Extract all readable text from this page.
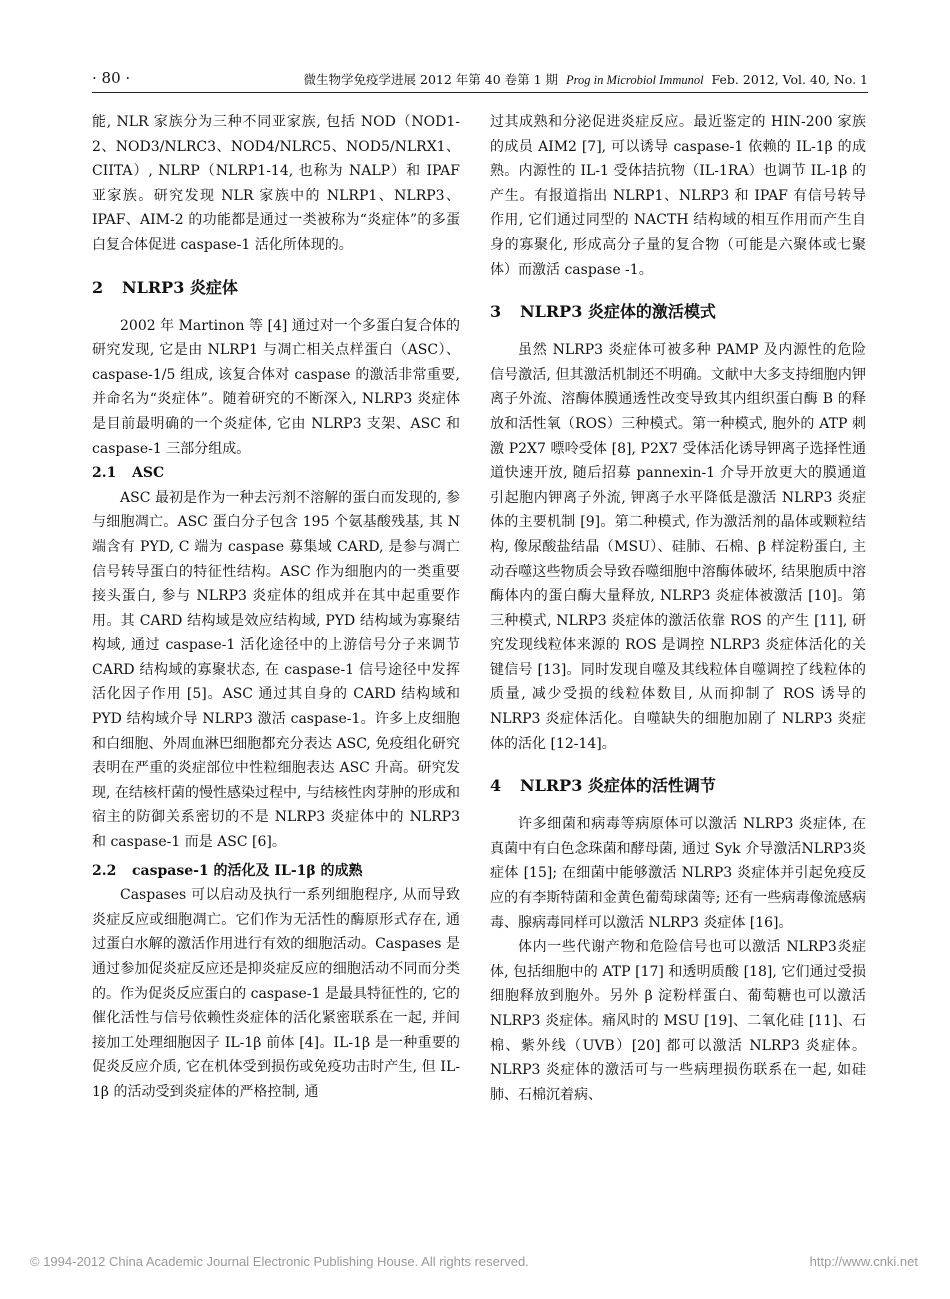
· 80 ·	微生物学免疫学进展 2012 年第 40 卷第 1 期 Prog in Microbiol Immunol Feb. 2012, Vol. 40, No. 1

能, NLR 家族分为三种不同亚家族, 包括 NOD（NOD1-2、NOD3/NLRC3、NOD4/NLRC5、NOD5/NLRX1、CIITA）, NLRP（NLRP1-14, 也称为 NALP）和 IPAF 亚家族。研究发现 NLR 家族中的 NLRP1、NLRP3、IPAF、AIM-2 的功能都是通过一类被称为“炎症体”的多蛋白复合体促进 caspase-1 活化所体现的。

2 NLRP3 炎症体

2002 年 Martinon 等 [4] 通过对一个多蛋白复合体的研究发现, 它是由 NLRP1 与凋亡相关点样蛋白（ASC）、caspase-1/5 组成, 该复合体对 caspase 的激活非常重要, 并命名为“炎症体”。随着研究的不断深入, NLRP3 炎症体是目前最明确的一个炎症体, 它由 NLRP3 支架、ASC 和 caspase-1 三部分组成。

2.1 ASC

ASC 最初是作为一种去污剂不溶解的蛋白而发现的, 参与细胞凋亡。ASC 蛋白分子包含 195 个氨基酸残基, 其 N 端含有 PYD, C 端为 caspase 募集域 CARD, 是参与凋亡信号转导蛋白的特征性结构。ASC 作为细胞内的一类重要接头蛋白, 参与 NLRP3 炎症体的组成并在其中起重要作用。其 CARD 结构域是效应结构域, PYD 结构域为寡聚结构域, 通过 caspase-1 活化途径中的上游信号分子来调节 CARD 结构域的寡聚状态, 在 caspase-1 信号途径中发挥活化因子作用 [5]。ASC 通过其自身的 CARD 结构域和 PYD 结构域介导 NLRP3 激活 caspase-1。许多上皮细胞和白细胞、外周血淋巴细胞都充分表达 ASC, 免疫组化研究表明在严重的炎症部位中性粒细胞表达 ASC 升高。研究发现, 在结核杆菌的慢性感染过程中, 与结核性肉芽肿的形成和宿主的防御关系密切的不是 NLRP3 炎症体中的 NLRP3 和 caspase-1 而是 ASC [6]。

2.2 caspase-1 的活化及 IL-1β 的成熟

Caspases 可以启动及执行一系列细胞程序, 从而导致炎症反应或细胞凋亡。它们作为无活性的酶原形式存在, 通过蛋白水解的激活作用进行有效的细胞活动。Caspases 是通过参加促炎症反应还是抑炎症反应的细胞活动不同而分类的。作为促炎反应蛋白的 caspase-1 是最具特征性的, 它的催化活性与信号依赖性炎症体的活化紧密联系在一起, 并间接加工处理细胞因子 IL-1β 前体 [4]。IL-1β 是一种重要的促炎反应介质, 它在机体受到损伤或免疫功击时产生, 但 IL-1β 的活动受到炎症体的严格控制, 通

过其成熟和分泌促进炎症反应。最近鉴定的 HIN-200 家族的成员 AIM2 [7], 可以诱导 caspase-1 依赖的 IL-1β 的成熟。内源性的 IL-1 受体拮抗物（IL-1RA）也调节 IL-1β 的产生。有报道指出 NLRP1、NLRP3 和 IPAF 有信号转导作用, 它们通过同型的 NACTH 结构域的相互作用而产生自身的寡聚化, 形成高分子量的复合物（可能是六聚体或七聚体）而激活 caspase -1。

3 NLRP3 炎症体的激活模式

虽然 NLRP3 炎症体可被多种 PAMP 及内源性的危险信号激活, 但其激活机制还不明确。文献中大多支持细胞内钾离子外流、溶酶体膜通透性改变导致其内组织蛋白酶 B 的释放和活性氧（ROS）三种模式。第一种模式, 胞外的 ATP 刺激 P2X7 嘌呤受体 [8], P2X7 受体活化诱导钾离子选择性通道快速开放, 随后招募 pannexin-1 介导开放更大的膜通道引起胞内钾离子外流, 钾离子水平降低是激活 NLRP3 炎症体的主要机制 [9]。第二种模式, 作为激活剂的晶体或颗粒结构, 像尿酸盐结晶（MSU）、硅肺、石棉、β 样淀粉蛋白, 主动吞噬这些物质会导致吞噬细胞中溶酶体破坏, 结果胞质中溶酶体内的蛋白酶大量释放, NLRP3 炎症体被激活 [10]。第三种模式, NLRP3 炎症体的激活依靠 ROS 的产生 [11], 研究发现线粒体来源的 ROS 是调控 NLRP3 炎症体活化的关键信号 [13]。同时发现自噬及其线粒体自噬调控了线粒体的质量, 减少受损的线粒体数目, 从而抑制了 ROS 诱导的 NLRP3 炎症体活化。自噬缺失的细胞加剧了 NLRP3 炎症体的活化 [12-14]。

4 NLRP3 炎症体的活性调节

许多细菌和病毒等病原体可以激活 NLRP3 炎症体, 在真菌中有白色念珠菌和酵母菌, 通过 Syk 介导激活NLRP3炎症体 [15]; 在细菌中能够激活 NLRP3 炎症体并引起免疫反应的有李斯特菌和金黄色葡萄球菌等; 还有一些病毒像流感病毒、腺病毒同样可以激活 NLRP3 炎症体 [16]。

体内一些代谢产物和危险信号也可以激活 NLRP3炎症体, 包括细胞中的 ATP [17] 和透明质酸 [18], 它们通过受损细胞释放到胞外。另外 β 淀粉样蛋白、葡萄糖也可以激活 NLRP3 炎症体。痛风时的 MSU [19]、二氧化硅 [11]、石棉、紫外线（UVB）[20] 都可以激活 NLRP3 炎症体。NLRP3 炎症体的激活可与一些病理损伤联系在一起, 如硅肺、石棉沉着病、

© 1994-2012 China Academic Journal Electronic Publishing House. All rights reserved.	http://www.cnki.net
